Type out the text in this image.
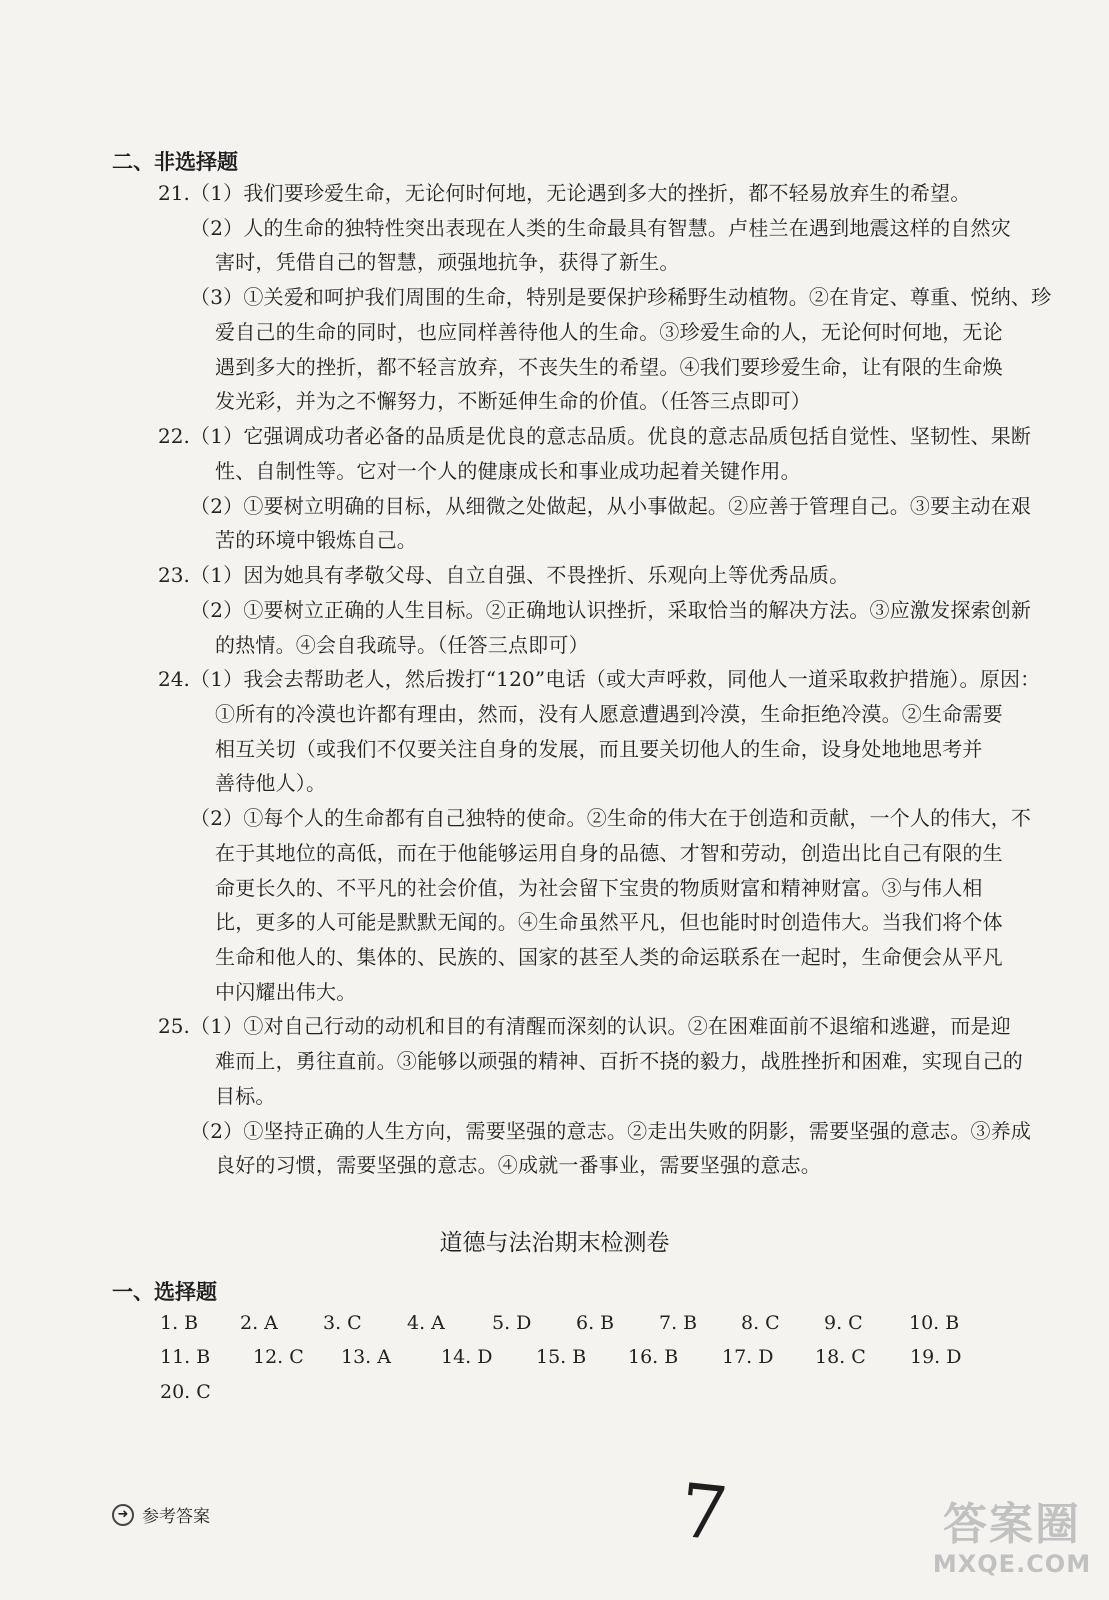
二、非选择题
21. （1）我们要珍爱生命，无论何时何地，无论遇到多大的挫折，都不轻易放弃生的希望。
（2）人的生命的独特性突出表现在人类的生命最具有智慧。卢桂兰在遇到地震这样的自然灾
害时，凭借自己的智慧，顽强地抗争，获得了新生。
（3）①关爱和呵护我们周围的生命，特别是要保护珍稀野生动植物。②在肯定、尊重、悦纳、珍
爱自己的生命的同时，也应同样善待他人的生命。③珍爱生命的人，无论何时何地，无论
遇到多大的挫折，都不轻言放弃，不丧失生的希望。④我们要珍爱生命，让有限的生命焕
发光彩，并为之不懈努力，不断延伸生命的价值。（任答三点即可）
22. （1）它强调成功者必备的品质是优良的意志品质。优良的意志品质包括自觉性、坚韧性、果断
性、自制性等。它对一个人的健康成长和事业成功起着关键作用。
（2）①要树立明确的目标，从细微之处做起，从小事做起。②应善于管理自己。③要主动在艰
苦的环境中锻炼自己。
23. （1）因为她具有孝敬父母、自立自强、不畏挫折、乐观向上等优秀品质。
（2）①要树立正确的人生目标。②正确地认识挫折，采取恰当的解决方法。③应激发探索创新
的热情。④会自我疏导。（任答三点即可）
24. （1）我会去帮助老人，然后拨打“120”电话（或大声呼救，同他人一道采取救护措施）。原因：
①所有的冷漠也许都有理由，然而，没有人愿意遭遇到冷漠，生命拒绝冷漠。②生命需要
相互关切（或我们不仅要关注自身的发展，而且要关切他人的生命，设身处地地思考并
善待他人）。
（2）①每个人的生命都有自己独特的使命。②生命的伟大在于创造和贡献，一个人的伟大，不
在于其地位的高低，而在于他能够运用自身的品德、才智和劳动，创造出比自己有限的生
命更长久的、不平凡的社会价值，为社会留下宝贵的物质财富和精神财富。③与伟人相
比，更多的人可能是默默无闻的。④生命虽然平凡，但也能时时创造伟大。当我们将个体
生命和他人的、集体的、民族的、国家的甚至人类的命运联系在一起时，生命便会从平凡
中闪耀出伟大。
25. （1）①对自己行动的动机和目的有清醒而深刻的认识。②在困难面前不退缩和逃避，而是迎
难而上，勇往直前。③能够以顽强的精神、百折不挠的毅力，战胜挫折和困难，实现自己的
目标。
（2）①坚持正确的人生方向，需要坚强的意志。②走出失败的阴影，需要坚强的意志。③养成
良好的习惯，需要坚强的意志。④成就一番事业，需要坚强的意志。
道德与法治期末检测卷
一、选择题
1. B 2. A 3. C 4. A 5. D 6. B 7. B 8. C 9. C 10. B
11. B 12. C 13. A	14. D 15. B 16. B 17. D 18. C 19. D
20. C
➜ 参考答案	7	答案圈
MXQE.COM
